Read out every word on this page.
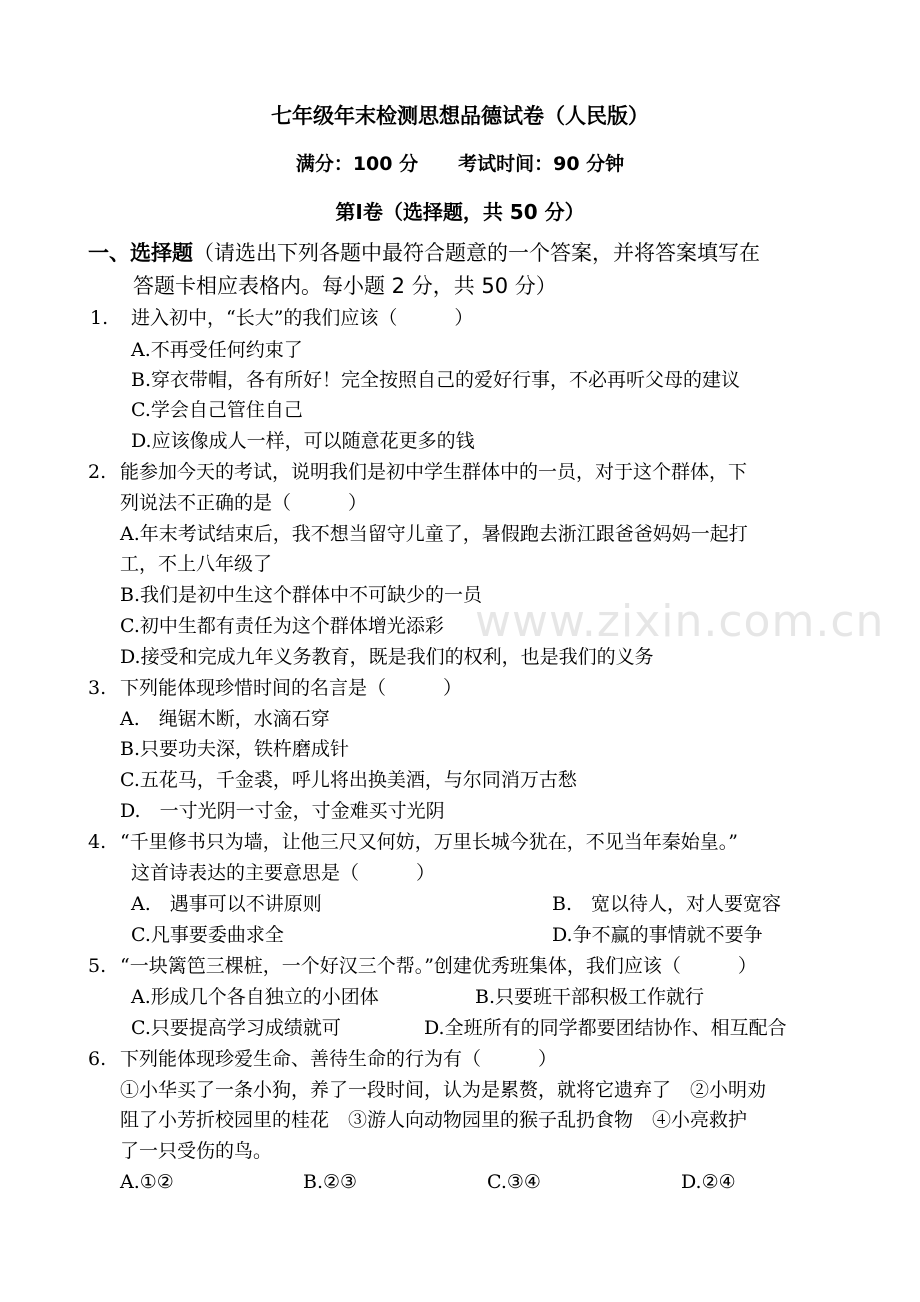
七年级年末检测思想品德试卷（人民版）
满分：100 分 考试时间：90 分钟
第Ⅰ卷（选择题，共 50 分）
一、选择题（请选出下列各题中最符合题意的一个答案，并将答案填写在
答题卡相应表格内。每小题 2 分，共 50 分）
1. 进入初中，“长大”的我们应该（　　　）
A.不再受任何约束了
B.穿衣带帽，各有所好！完全按照自己的爱好行事，不必再听父母的建议
C.学会自己管住自己
D.应该像成人一样，可以随意花更多的钱
2. 能参加今天的考试，说明我们是初中学生群体中的一员，对于这个群体，下
列说法不正确的是（　　　）
A.年末考试结束后，我不想当留守儿童了，暑假跑去浙江跟爸爸妈妈一起打
工，不上八年级了
B.我们是初中生这个群体中不可缺少的一员
C.初中生都有责任为这个群体增光添彩
D.接受和完成九年义务教育，既是我们的权利，也是我们的义务
3. 下列能体现珍惜时间的名言是（　　　）
A.　绳锯木断，水滴石穿
B.只要功夫深，铁杵磨成针
C.五花马，千金裘，呼儿将出换美酒，与尔同消万古愁
D.　一寸光阴一寸金，寸金难买寸光阴
4. “千里修书只为墙，让他三尺又何妨，万里长城今犹在，不见当年秦始皇。”
这首诗表达的主要意思是（　　　）
A.　遇事可以不讲原则	B.　宽以待人，对人要宽容
C.凡事要委曲求全	D.争不赢的事情就不要争
5. “一块篱笆三棵桩，一个好汉三个帮。”创建优秀班集体，我们应该（　　　）
A.形成几个各自独立的小团体	B.只要班干部积极工作就行
C.只要提高学习成绩就可	D.全班所有的同学都要团结协作、相互配合
6. 下列能体现珍爱生命、善待生命的行为有（　　　）
①小华买了一条小狗，养了一段时间，认为是累赘，就将它遗弃了　②小明劝
阻了小芳折校园里的桂花　③游人向动物园里的猴子乱扔食物　④小亮救护
了一只受伤的鸟。
A.①②	B.②③	C.③④	D.②④
www.zixin.com.cn
